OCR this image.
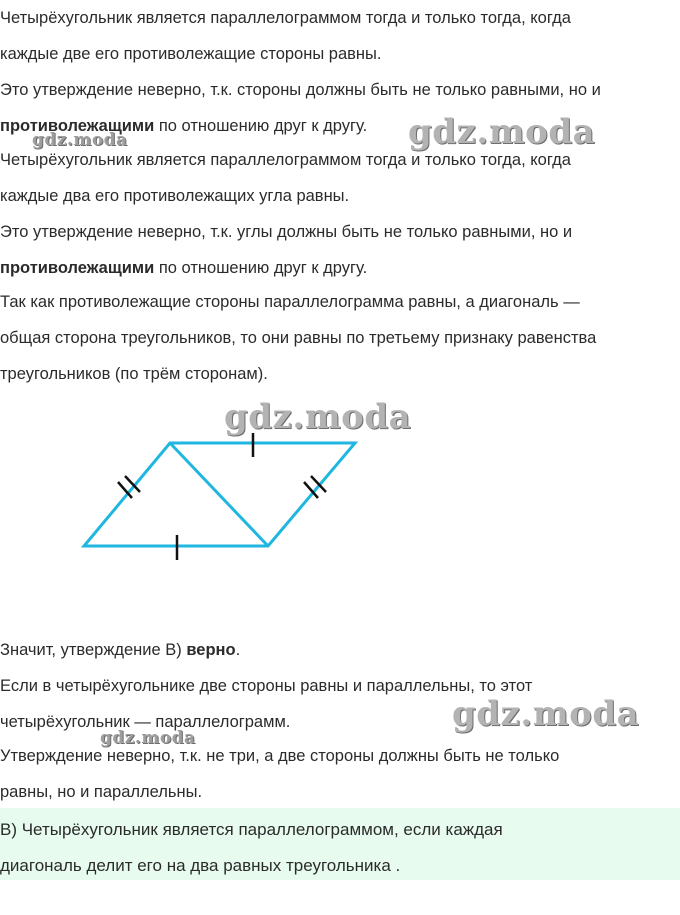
Четырёхугольник является параллелограммом тогда и только тогда, когда
каждые две его противолежащие стороны равны.
Это утверждение неверно, т.к. стороны должны быть не только равными, но и
противолежащими по отношению друг к другу.
Четырёхугольник является параллелограммом тогда и только тогда, когда
каждые два его противолежащих угла равны.
Это утверждение неверно, т.к. углы должны быть не только равными, но и
противолежащими по отношению друг к другу.
Так как противолежащие стороны параллелограмма равны, а диагональ —
общая сторона треугольников, то они равны по третьему признаку равенства
треугольников (по трём сторонам).
Значит, утверждение В) верно.
Если в четырёхугольнике две стороны равны и параллельны, то этот
четырёхугольник — параллелограмм.
Утверждение неверно, т.к. не три, а две стороны должны быть не только
равны, но и параллельны.
В) Четырёхугольник является параллелограммом, если каждая
диагональ делит его на два равных треугольника .
gdz.moda
gdz.moda
gdz.moda
gdz.moda
gdz.moda
